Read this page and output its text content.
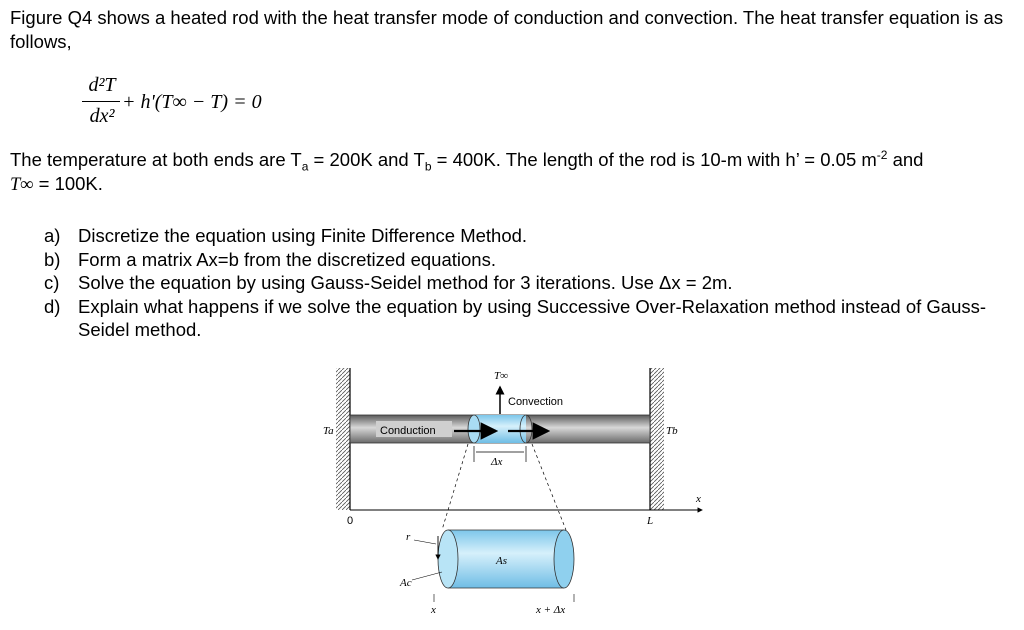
Figure Q4 shows a heated rod with the heat transfer mode of conduction and convection. The heat transfer equation is as follows,
d²T
dx²
+ h'(T∞ − T) = 0
The temperature at both ends are $T_a = 200K$ and $T_b = 400K$. The length of the rod is 10-m with h’ = 0.05 $m^{-2}$ and
T∞ = 100K.
a) Discretize the equation using Finite Difference Method.
b) Form a matrix Ax=b from the discretized equations.
c) Solve the equation by using Gauss-Seidel method for 3 iterations. Use Δx = 2m.
d) Explain what happens if we solve the equation by using Successive Over-Relaxation method instead of Gauss-Seidel method.
Conduction
T∞
Convection
Ta	Tb
Δx
0	L
x
r
As
Ac
x	x + Δx
